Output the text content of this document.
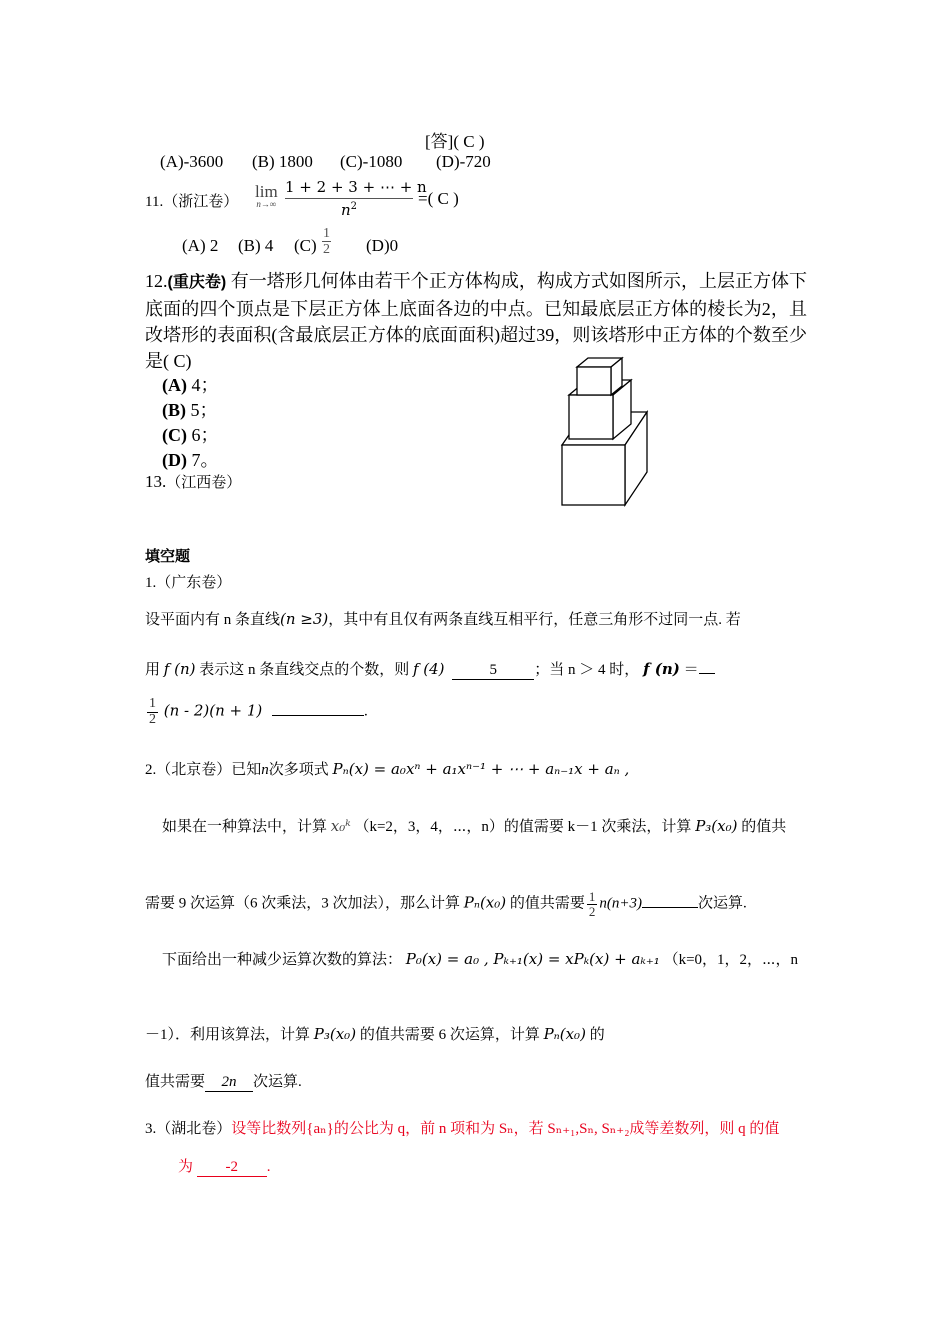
[答]( C )
(A)-3600 (B) 1800 (C)-1080 (D)-720
11.（浙江卷）
lim
n→∞
1 + 2 + 3 + ⋯ + n
$n^2$	=( C )
(A) 2 (B) 4 (C)
1
2 (D)0
12.(重庆卷) 有一塔形几何体由若干个正方体构成，构成方式如图所示，上层正方体下底面的四个顶点是下层正方体上底面各边的中点。已知最底层正方体的棱长为2，且改塔形的表面积(含最底层正方体的底面面积)超过39，则该塔形中正方体的个数至少是( C)
(A) 4；
(B) 5；
(C) 6；
(D) 7。
13.（江西卷）
填空题
1.（广东卷）
设平面内有 n 条直线(n ≥3)，其中有且仅有两条直线互相平行，任意三角形不过同一点. 若
用 f (n) 表示这 n 条直线交点的个数，则 f (4)	5 ；当 n ＞ 4 时， f (n) ＝
$\frac{1}{2} (n - 2)(n + 1)$	.
2.（北京卷）已知n次多项式 Pₙ(x) = a₀xⁿ + a₁xⁿ⁻¹ + ⋯ + aₙ₋₁x + aₙ ,
如果在一种算法中，计算 x₀ᵏ （k=2，3，4，⋯，n）的值需要 k－1 次乘法，计算 P₃(x₀) 的值共
需要 9 次运算（6 次乘法，3 次加法），那么计算 Pₙ(x₀) 的值共需要 $\frac{1}{2} n(n+3)$	次运算.
下面给出一种减少运算次数的算法： P₀(x) = a₀ , Pₖ₊₁(x) = xPₖ(x) + aₖ₊₁ （k=0，1，2，⋯，n
－1）．利用该算法，计算 P₃(x₀) 的值共需要 6 次运算，计算 Pₙ(x₀) 的
值共需要 2n 次运算.
3.（湖北卷）设等比数列{aₙ}的公比为 q，前 n 项和为 Sₙ，若 Sₙ₊₁,Sₙ, Sₙ₊₂成等差数列，则 q 的值
为 -2 .
